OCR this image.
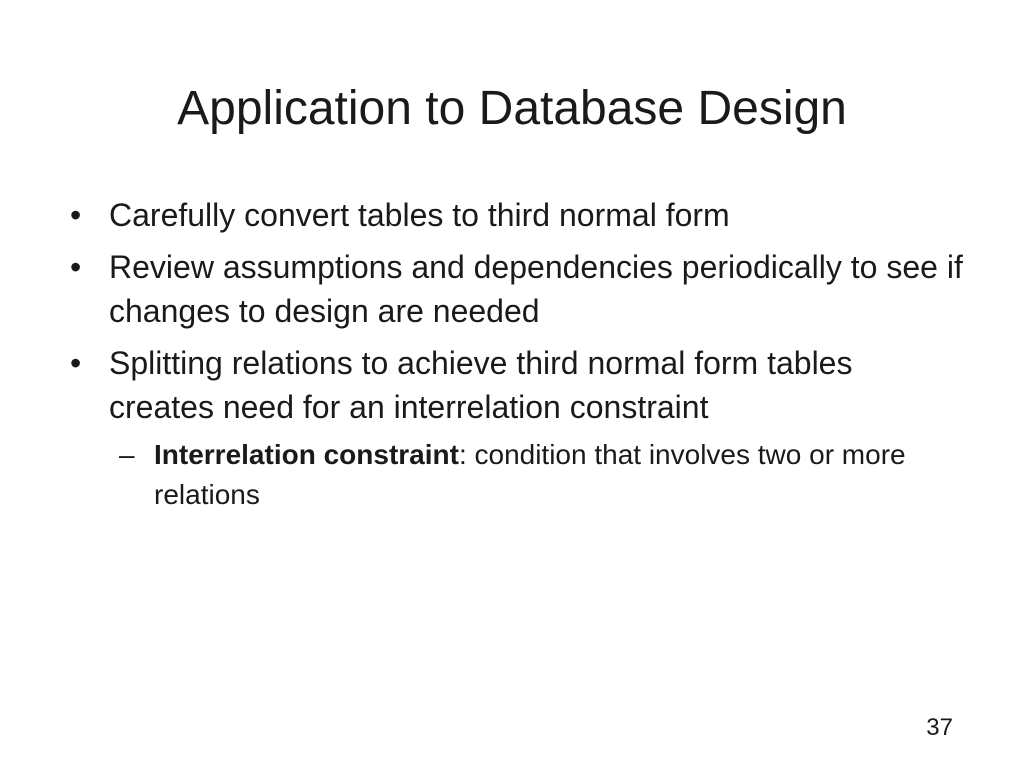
Application to Database Design
• Carefully convert tables to third normal form
• Review assumptions and dependencies periodically to see if changes to design are needed
• Splitting relations to achieve third normal form tables creates need for an interrelation constraint
– Interrelation constraint: condition that involves two or more relations
37
